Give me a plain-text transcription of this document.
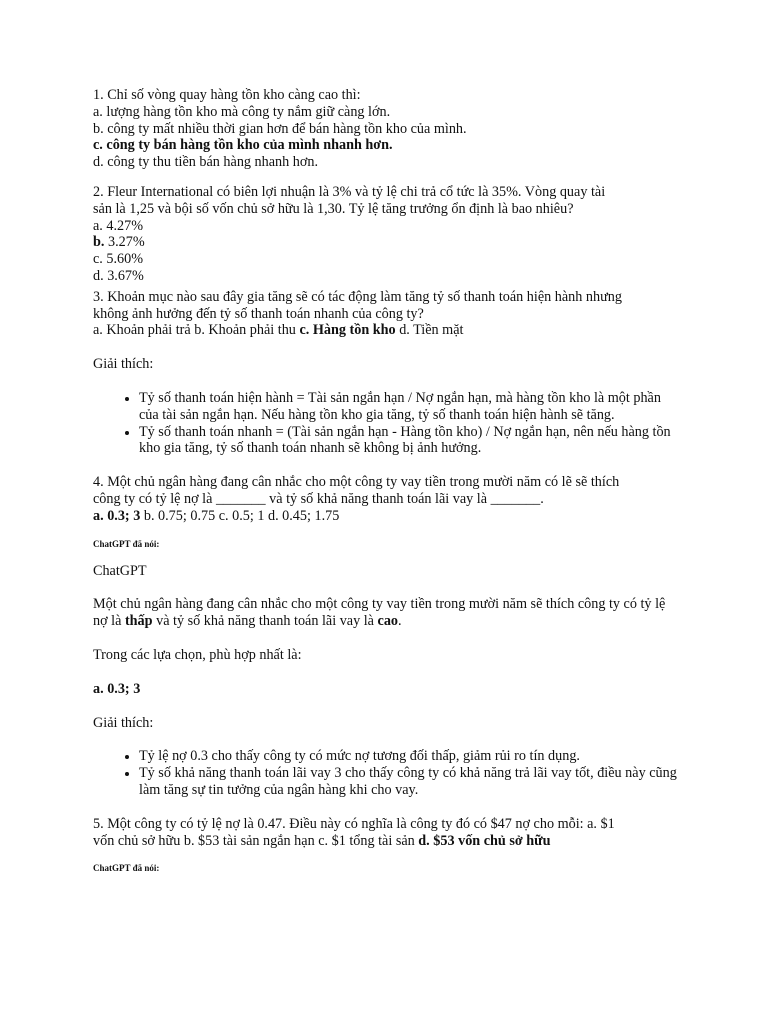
1. Chỉ số vòng quay hàng tồn kho càng cao thì:

a. lượng hàng tồn kho mà công ty nắm giữ càng lớn.

b. công ty mất nhiều thời gian hơn để bán hàng tồn kho của mình.

c. công ty bán hàng tồn kho của mình nhanh hơn.

d. công ty thu tiền bán hàng nhanh hơn.

2. Fleur International có biên lợi nhuận là 3% và tỷ lệ chi trả cổ tức là 35%. Vòng quay tài

sản là 1,25 và bội số vốn chủ sở hữu là 1,30. Tỷ lệ tăng trưởng ổn định là bao nhiêu?

a. 4.27%

b. 3.27%

c. 5.60%

d. 3.67%

3. Khoản mục nào sau đây gia tăng sẽ có tác động làm tăng tỷ số thanh toán hiện hành nhưng

không ảnh hưởng đến tỷ số thanh toán nhanh của công ty?

a. Khoản phải trả b. Khoản phải thu c. Hàng tồn kho d. Tiền mặt

Giải thích:

• Tỷ số thanh toán hiện hành = Tài sản ngắn hạn / Nợ ngắn hạn, mà hàng tồn kho là một phần của tài sản ngắn hạn. Nếu hàng tồn kho gia tăng, tỷ số thanh toán hiện hành sẽ tăng.
• Tỷ số thanh toán nhanh = (Tài sản ngắn hạn - Hàng tồn kho) / Nợ ngắn hạn, nên nếu hàng tồn kho gia tăng, tỷ số thanh toán nhanh sẽ không bị ảnh hưởng.

4. Một chủ ngân hàng đang cân nhắc cho một công ty vay tiền trong mười năm có lẽ sẽ thích

công ty có tỷ lệ nợ là _______ và tỷ số khả năng thanh toán lãi vay là _______.

a. 0.3; 3 b. 0.75; 0.75 c. 0.5; 1 d. 0.45; 1.75

ChatGPT đã nói:

ChatGPT

Một chủ ngân hàng đang cân nhắc cho một công ty vay tiền trong mười năm sẽ thích công ty có tỷ lệ nợ là thấp và tỷ số khả năng thanh toán lãi vay là cao.

Trong các lựa chọn, phù hợp nhất là:

a. 0.3; 3

Giải thích:

• Tỷ lệ nợ 0.3 cho thấy công ty có mức nợ tương đối thấp, giảm rủi ro tín dụng.
• Tỷ số khả năng thanh toán lãi vay 3 cho thấy công ty có khả năng trả lãi vay tốt, điều này cũng làm tăng sự tin tưởng của ngân hàng khi cho vay.

5. Một công ty có tỷ lệ nợ là 0.47. Điều này có nghĩa là công ty đó có $47 nợ cho mỗi: a. $1

vốn chủ sở hữu b. $53 tài sản ngắn hạn c. $1 tổng tài sản d. $53 vốn chủ sở hữu

ChatGPT đã nói:
